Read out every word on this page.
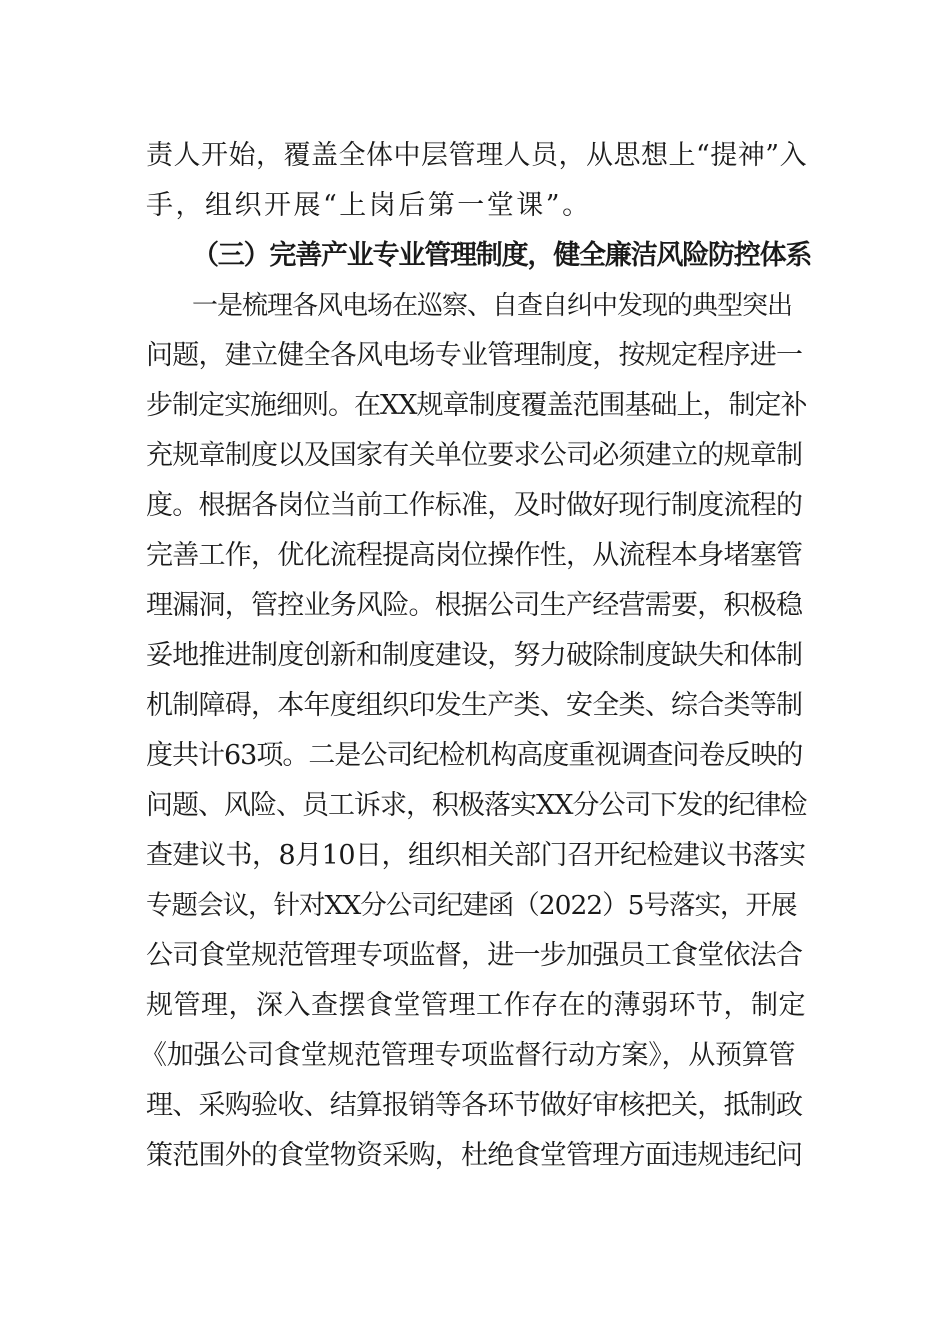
责人开始，覆盖全体中层管理人员，从思想上“提神”入
手，组织开展“上岗后第一堂课”。
（三）完善产业专业管理制度，健全廉洁风险防控体系
一是梳理各风电场在巡察、自查自纠中发现的典型突出
问题，建立健全各风电场专业管理制度，按规定程序进一
步制定实施细则。在XX规章制度覆盖范围基础上，制定补
充规章制度以及国家有关单位要求公司必须建立的规章制
度。根据各岗位当前工作标准，及时做好现行制度流程的
完善工作，优化流程提高岗位操作性，从流程本身堵塞管
理漏洞，管控业务风险。根据公司生产经营需要，积极稳
妥地推进制度创新和制度建设，努力破除制度缺失和体制
机制障碍，本年度组织印发生产类、安全类、综合类等制
度共计63项。二是公司纪检机构高度重视调查问卷反映的
问题、风险、员工诉求，积极落实XX分公司下发的纪律检
查建议书，8月10日，组织相关部门召开纪检建议书落实
专题会议，针对XX分公司纪建函（2022）5号落实，开展
公司食堂规范管理专项监督，进一步加强员工食堂依法合
规管理，深入查摆食堂管理工作存在的薄弱环节，制定
《加强公司食堂规范管理专项监督行动方案》，从预算管
理、采购验收、结算报销等各环节做好审核把关，抵制政
策范围外的食堂物资采购，杜绝食堂管理方面违规违纪问
